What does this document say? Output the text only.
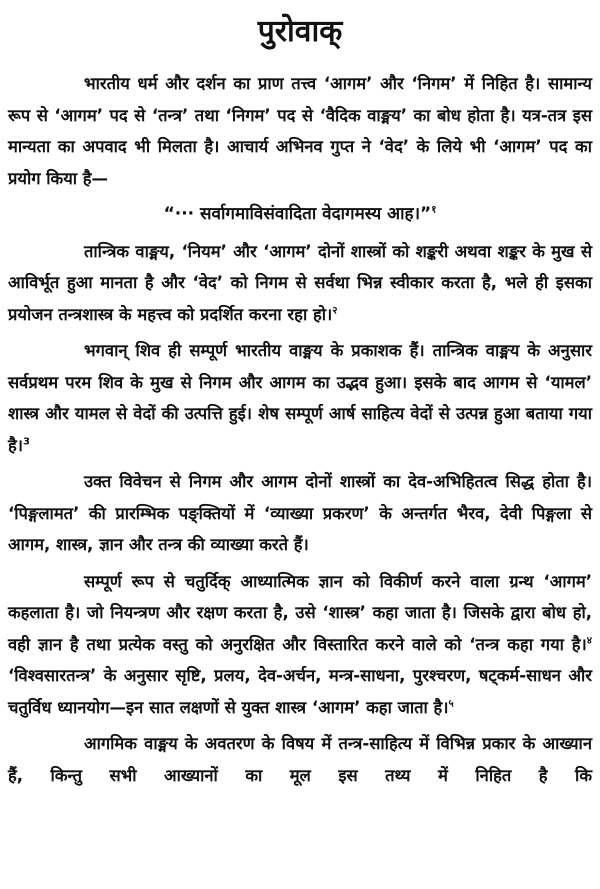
पुरोवाक्

भारतीय धर्म और दर्शन का प्राण तत्त्व ‘आगम’ और ‘निगम’ में निहित है। सामान्य रूप से ‘आगम’ पद से ‘तन्त्र’ तथा ‘निगम’ पद से ‘वैदिक वाङ्मय’ का बोध होता है। यत्र-तत्र इस मान्यता का अपवाद भी मिलता है। आचार्य अभिनव गुप्त ने ‘वेद’ के लिये भी ‘आगम’ पद का प्रयोग किया है—

“··· सर्वागमाविसंवादिता वेदागमस्य आह।”$^१$

तान्त्रिक वाङ्मय, ‘नियम’ और ‘आगम’ दोनों शास्त्रों को शङ्करी अथवा शङ्कर के मुख से आविर्भूत हुआ मानता है और ‘वेद’ को निगम से सर्वथा भिन्न स्वीकार करता है, भले ही इसका प्रयोजन तन्त्रशास्त्र के महत्त्व को प्रदर्शित करना रहा हो।$^२$

भगवान् शिव ही सम्पूर्ण भारतीय वाङ्मय के प्रकाशक हैं। तान्त्रिक वाङ्मय के अनुसार सर्वप्रथम परम शिव के मुख से निगम और आगम का उद्भव हुआ। इसके बाद आगम से ‘यामल’ शास्त्र और यामल से वेदों की उत्पत्ति हुई। शेष सम्पूर्ण आर्ष साहित्य वेदों से उत्पन्न हुआ बताया गया है।$^3$

उक्त विवेचन से निगम और आगम दोनों शास्त्रों का देव-अभिहितत्व सिद्ध होता है। ‘पिङ्गलामत’ की प्रारम्भिक पङ्क्तियों में ‘व्याख्या प्रकरण’ के अन्तर्गत भैरव, देवी पिङ्गला से आगम, शास्त्र, ज्ञान और तन्त्र की व्याख्या करते हैं।

सम्पूर्ण रूप से चतुर्दिक् आध्यात्मिक ज्ञान को विकीर्ण करने वाला ग्रन्थ ‘आगम’ कहलाता है। जो नियन्त्रण और रक्षण करता है, उसे ‘शास्त्र’ कहा जाता है। जिसके द्वारा बोध हो, वही ज्ञान है तथा प्रत्येक वस्तु को अनुरक्षित और विस्तारित करने वाले को ‘तन्त्र कहा गया है।$^४$ ‘विश्वसारतन्त्र’ के अनुसार सृष्टि, प्रलय, देव-अर्चन, मन्त्र-साधना, पुरश्चरण, षट्कर्म-साधन और चतुर्विध ध्यानयोग—इन सात लक्षणों से युक्त शास्त्र ‘आगम’ कहा जाता है।$^५$

आगमिक वाङ्मय के अवतरण के विषय में तन्त्र-साहित्य में विभिन्न प्रकार के आख्यान हैं, किन्तु सभी आख्यानों का मूल इस तथ्य में निहित है कि
